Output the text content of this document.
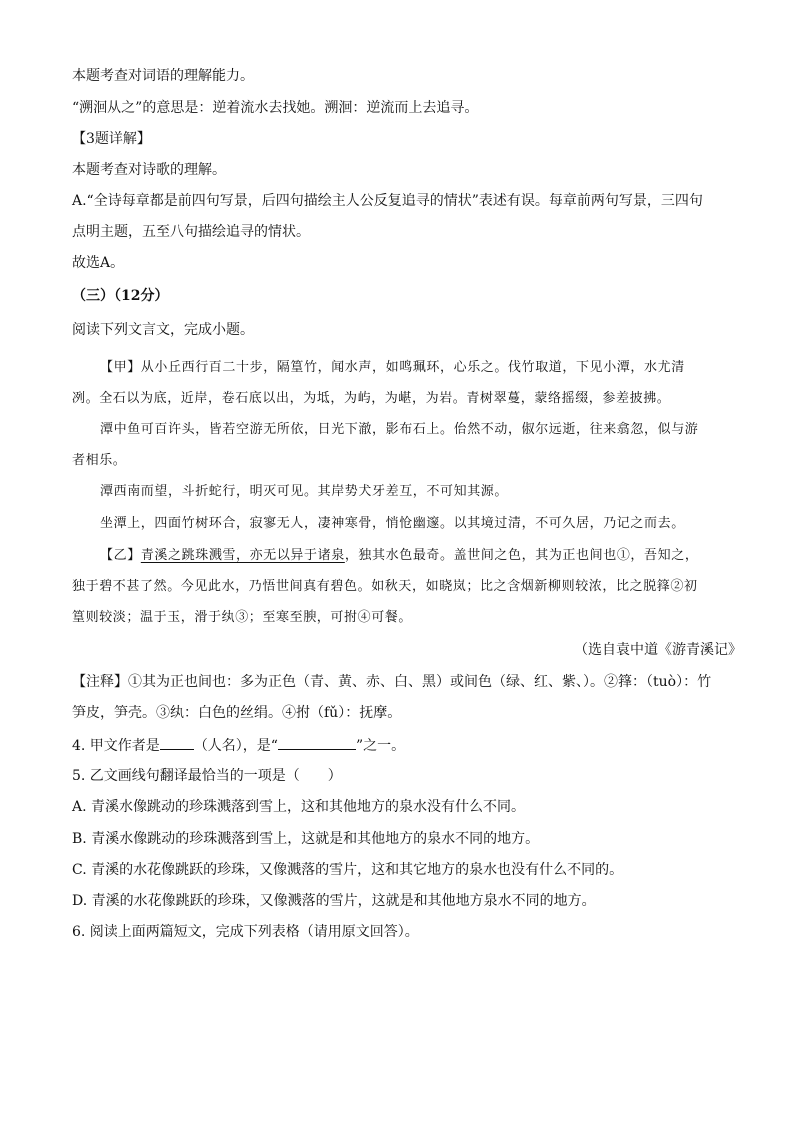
本题考查对词语的理解能力。
“溯洄从之”的意思是：逆着流水去找她。溯洄：逆流而上去追寻。
【3题详解】
本题考查对诗歌的理解。
A.“全诗每章都是前四句写景，后四句描绘主人公反复追寻的情状”表述有误。每章前两句写景，三四句
点明主题，五至八句描绘追寻的情状。
故选A。
（三）（12分）
阅读下列文言文，完成小题。
【甲】从小丘西行百二十步，隔篁竹，闻水声，如鸣珮环，心乐之。伐竹取道，下见小潭，水尤清
冽。全石以为底，近岸，卷石底以出，为坻，为屿，为嵁，为岩。青树翠蔓，蒙络摇缀，参差披拂。
潭中鱼可百许头，皆若空游无所依，日光下澈，影布石上。佁然不动，俶尔远逝，往来翕忽，似与游
者相乐。
潭西南而望，斗折蛇行，明灭可见。其岸势犬牙差互，不可知其源。
坐潭上，四面竹树环合，寂寥无人，凄神寒骨，悄怆幽邃。以其境过清，不可久居，乃记之而去。
【乙】青溪之跳珠溅雪，亦无以异于诸泉，独其水色最奇。盖世间之色，其为正也间也①，吾知之，
独于碧不甚了然。今见此水，乃悟世间真有碧色。如秋天，如晓岚；比之含烟新柳则较浓，比之脱箨②初
篁则较淡；温于玉，滑于纨③；至寒至腴，可拊④可餐。
（选自袁中道《游青溪记》
【注释】①其为正也间也：多为正色（青、黄、赤、白、黑）或间色（绿、红、紫、）。②箨：（tuò）：竹
笋皮，笋壳。③纨：白色的丝绢。④拊（fǔ）：抚摩。
4. 甲文作者是 （人名），是“	”之一。
5. 乙文画线句翻译最恰当的一项是（　　）
A. 青溪水像跳动的珍珠溅落到雪上，这和其他地方的泉水没有什么不同。
B. 青溪水像跳动的珍珠溅落到雪上，这就是和其他地方的泉水不同的地方。
C. 青溪的水花像跳跃的珍珠，又像溅落的雪片，这和其它地方的泉水也没有什么不同的。
D. 青溪的水花像跳跃的珍珠，又像溅落的雪片，这就是和其他地方泉水不同的地方。
6. 阅读上面两篇短文，完成下列表格（请用原文回答）。
